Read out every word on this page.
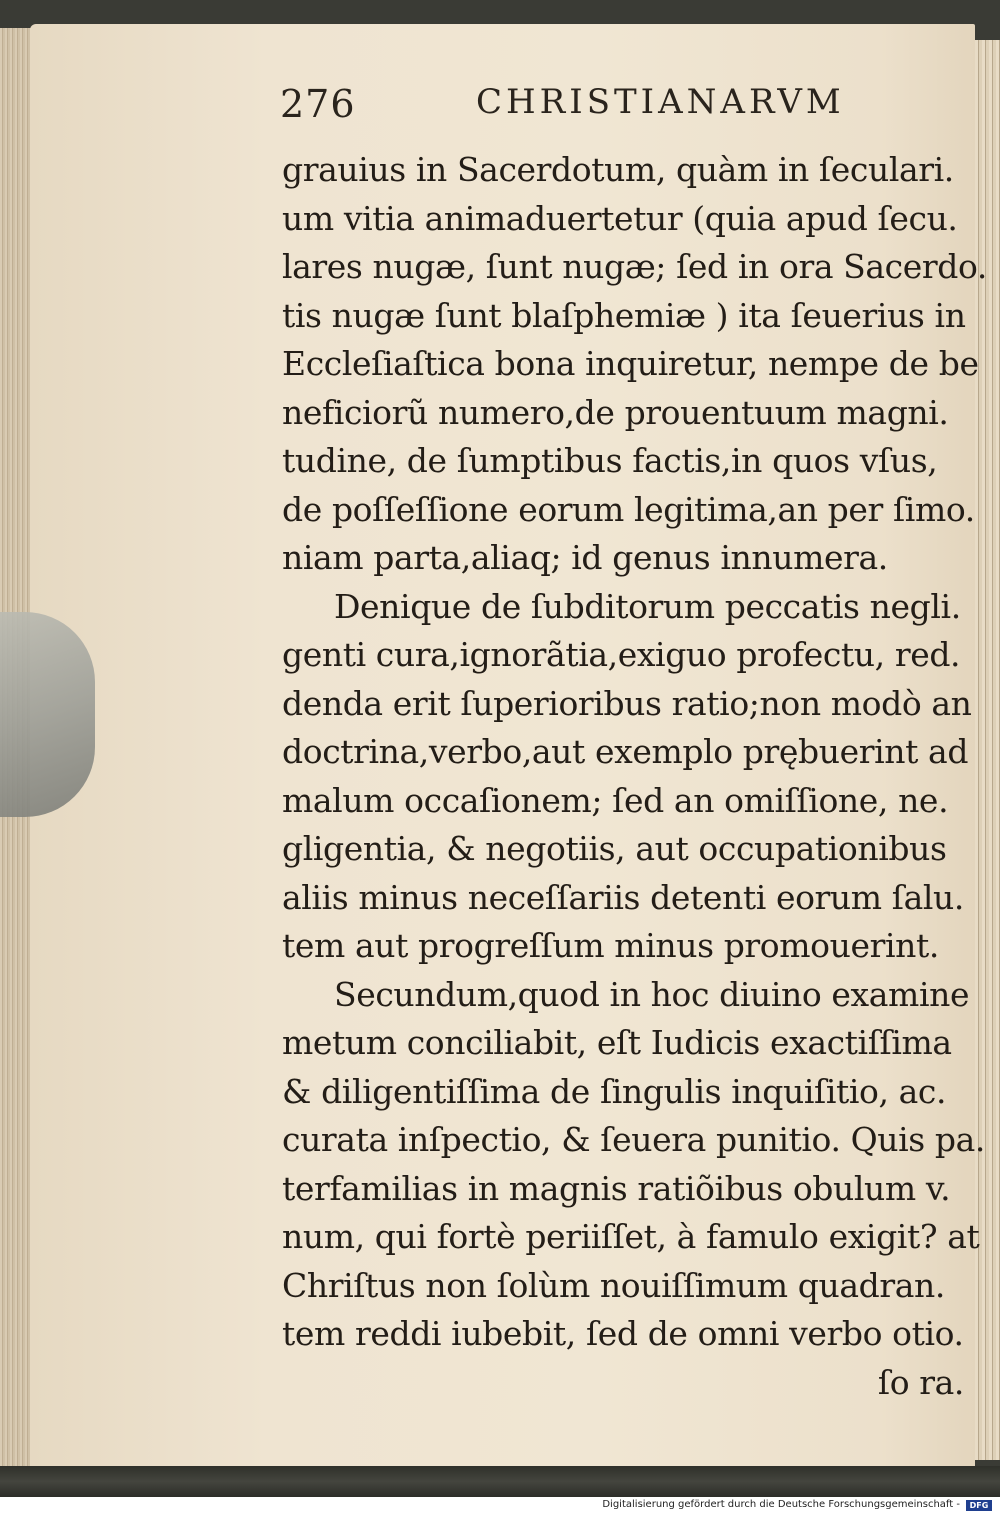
276	CHRISTIANARVM
grauius in Sacerdotum, quàm in ſeculari.
um vitia animaduertetur (quia apud ſecu.
lares nugæ, ſunt nugæ; ſed in ora Sacerdo.
tis nugæ ſunt blaſphemiæ ) ita ſeuerius in
Eccleſiaſtica bona inquiretur, nempe de be
neficiorũ numero,de prouentuum magni.
tudine, de ſumptibus factis,in quos vſus,
de poſſeſſione eorum legitima,an per ſimo.
niam parta,aliaq; id genus innumera.
Denique de ſubditorum peccatis negli.
genti cura,ignorãtia,exiguo profectu, red.
denda erit ſuperioribus ratio;non modò an
doctrina,verbo,aut exemplo prębuerint ad
malum occaſionem; ſed an omiſſione, ne.
gligentia, & negotiis, aut occupationibus
aliis minus neceſſariis detenti eorum ſalu.
tem aut progreſſum minus promouerint.
Secundum,quod in hoc diuino examine
metum conciliabit, eſt Iudicis exactiſſima
& diligentiſſima de ſingulis inquiſitio, ac.
curata inſpectio, & ſeuera punitio. Quis pa.
terfamilias in magnis ratiõibus obulum v.
num, qui fortè periiſſet, à famulo exigit? at
Chriſtus non ſolùm nouiſſimum quadran.
tem reddi iubebit, ſed de omni verbo otio.
ſo ra.
Digitalisierung gefördert durch die Deutsche Forschungsgemeinschaft -	DFG
